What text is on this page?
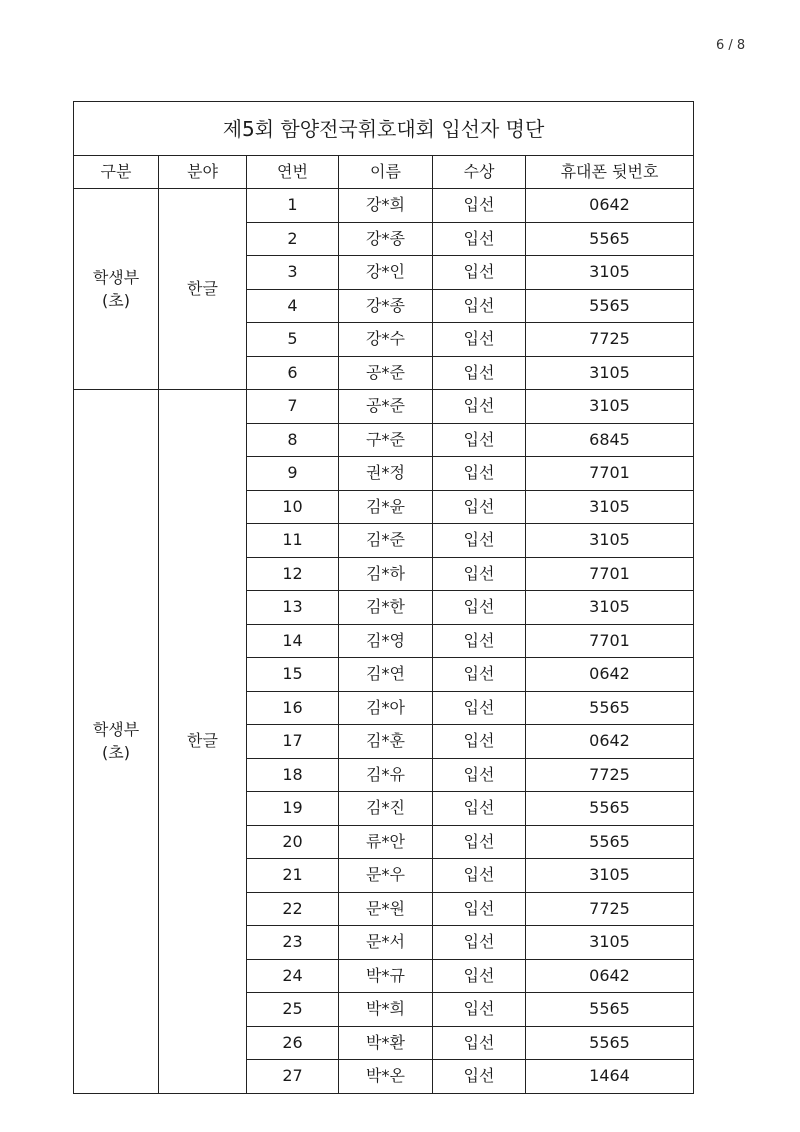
6 / 8
제5회 함양전국휘호대회 입선자 명단					
구분	분야	연번	이름	수상	휴대폰 뒷번호

학생부
(초)	한글	1	강*희	입선	0642
		2	강*종	입선	5565
		3	강*인	입선	3105
		4	강*종	입선	5565
		5	강*수	입선	7725
		6	공*준	입선	3105

학생부
(초)	한글	7	공*준	입선	3105
		8	구*준	입선	6845
		9	권*정	입선	7701
		10	김*윤	입선	3105
		11	김*준	입선	3105
		12	김*하	입선	7701
		13	김*한	입선	3105
		14	김*영	입선	7701
		15	김*연	입선	0642
		16	김*아	입선	5565
		17	김*훈	입선	0642
		18	김*유	입선	7725
		19	김*진	입선	5565
		20	류*안	입선	5565
		21	문*우	입선	3105
		22	문*원	입선	7725
		23	문*서	입선	3105
		24	박*규	입선	0642
		25	박*희	입선	5565
		26	박*환	입선	5565
		27	박*온	입선	1464
